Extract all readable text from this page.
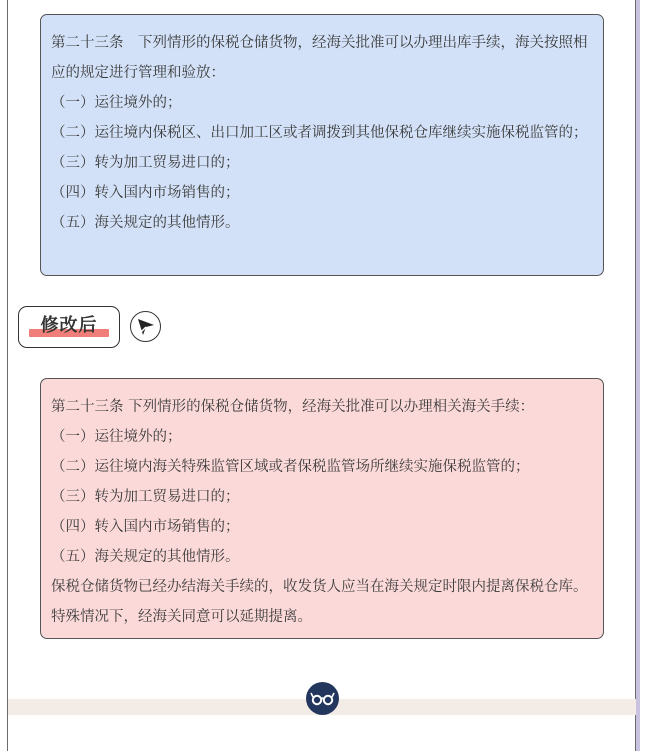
第二十三条　下列情形的保税仓储货物，经海关批准可以办理出库手续，海关按照相应的规定进行管理和验放：

（一）运往境外的；

（二）运往境内保税区、出口加工区或者调拨到其他保税仓库继续实施保税监管的；

（三）转为加工贸易进口的；

（四）转入国内市场销售的；

（五）海关规定的其他情形。

修改后

第二十三条 下列情形的保税仓储货物，经海关批准可以办理相关海关手续：

（一）运往境外的；

（二）运往境内海关特殊监管区域或者保税监管场所继续实施保税监管的；

（三）转为加工贸易进口的；

（四）转入国内市场销售的；

（五）海关规定的其他情形。

保税仓储货物已经办结海关手续的，收发货人应当在海关规定时限内提离保税仓库。特殊情况下，经海关同意可以延期提离。
